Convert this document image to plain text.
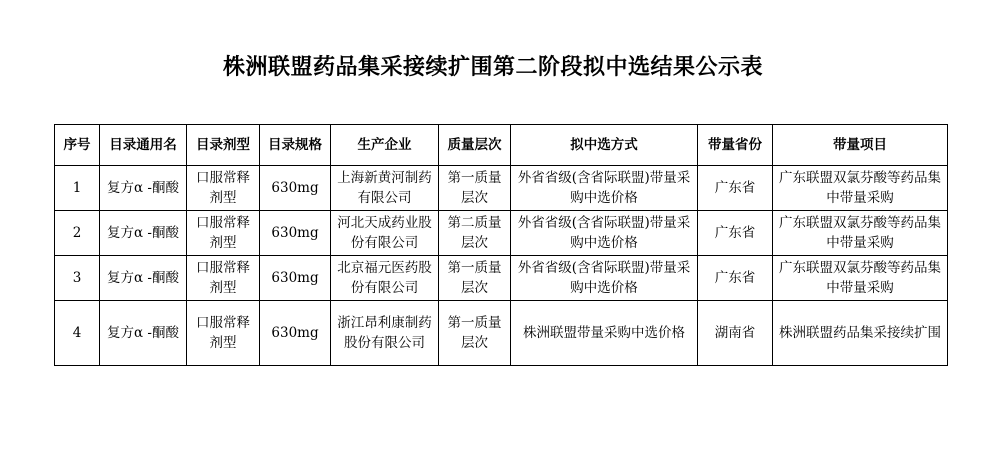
株洲联盟药品集采接续扩围第二阶段拟中选结果公示表
序号	目录通用名	目录剂型	目录规格	生产企业	质量层次	拟中选方式	带量省份	带量项目
1	复方α -酮酸	口服常释剂型	630mg	上海新黄河制药有限公司	第一质量层次	外省省级(含省际联盟)带量采购中选价格	广东省	广东联盟双氯芬酸等药品集中带量采购
2	复方α -酮酸	口服常释剂型	630mg	河北天成药业股份有限公司	第二质量层次	外省省级(含省际联盟)带量采购中选价格	广东省	广东联盟双氯芬酸等药品集中带量采购
3	复方α -酮酸	口服常释剂型	630mg	北京福元医药股份有限公司	第一质量层次	外省省级(含省际联盟)带量采购中选价格	广东省	广东联盟双氯芬酸等药品集中带量采购
4	复方α -酮酸	口服常释剂型	630mg	浙江昂利康制药股份有限公司	第一质量层次	株洲联盟带量采购中选价格	湖南省	株洲联盟药品集采接续扩围
